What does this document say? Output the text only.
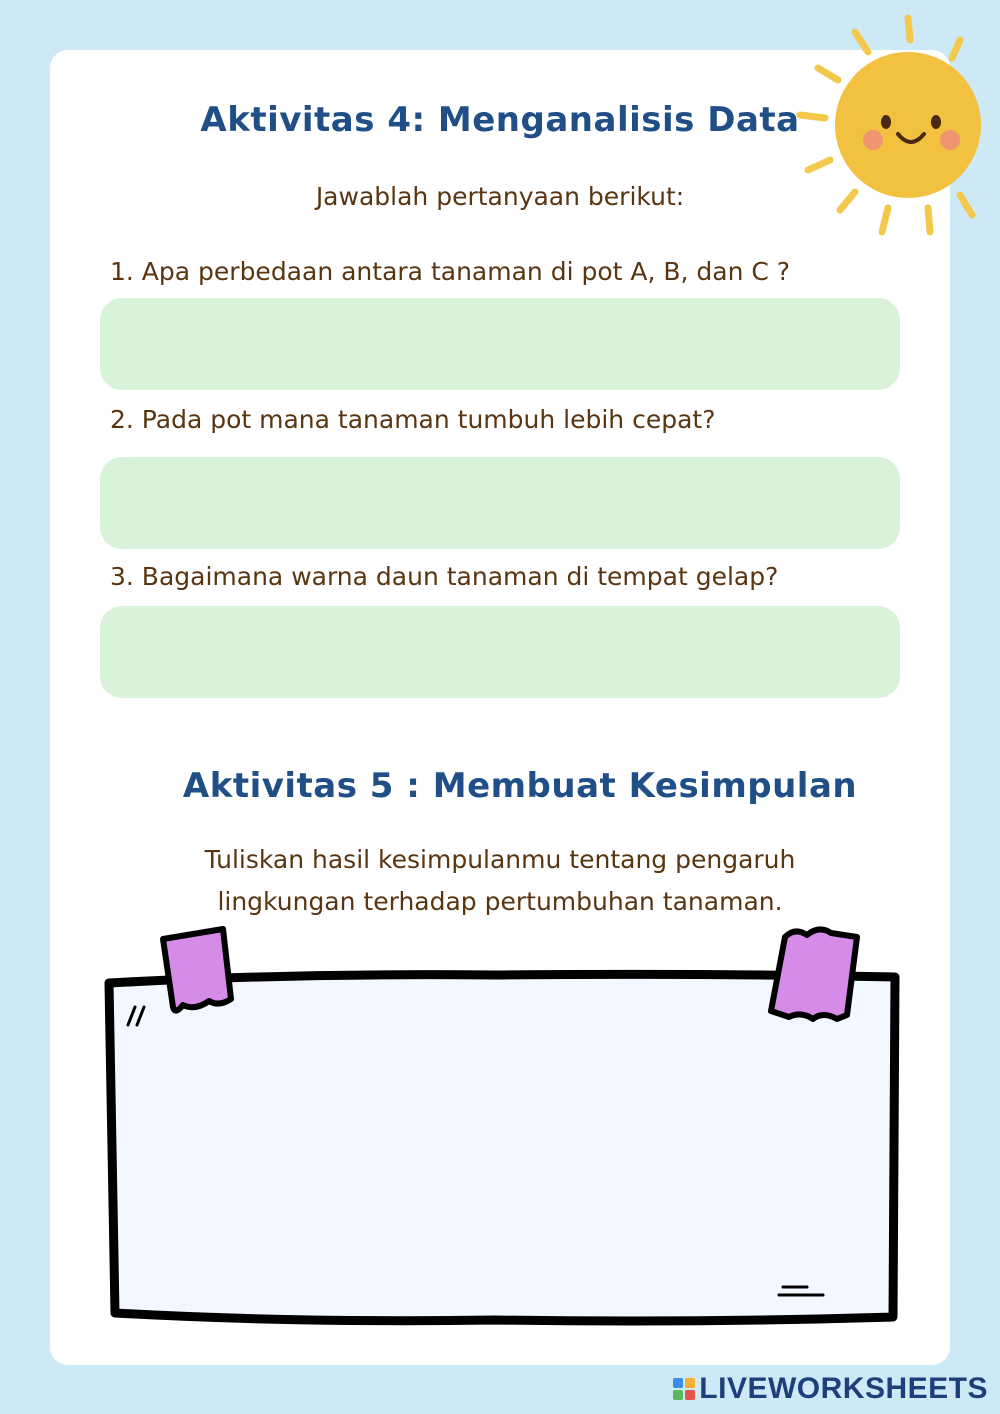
Aktivitas 4: Menganalisis Data

Jawablah pertanyaan berikut:

1. Apa perbedaan antara tanaman di pot A, B, dan C ?

2. Pada pot mana tanaman tumbuh lebih cepat?

3. Bagaimana warna daun tanaman di tempat gelap?

Aktivitas 5 : Membuat Kesimpulan

Tuliskan hasil kesimpulanmu tentang pengaruh

lingkungan terhadap pertumbuhan tanaman.

LIVEWORKSHEETS
